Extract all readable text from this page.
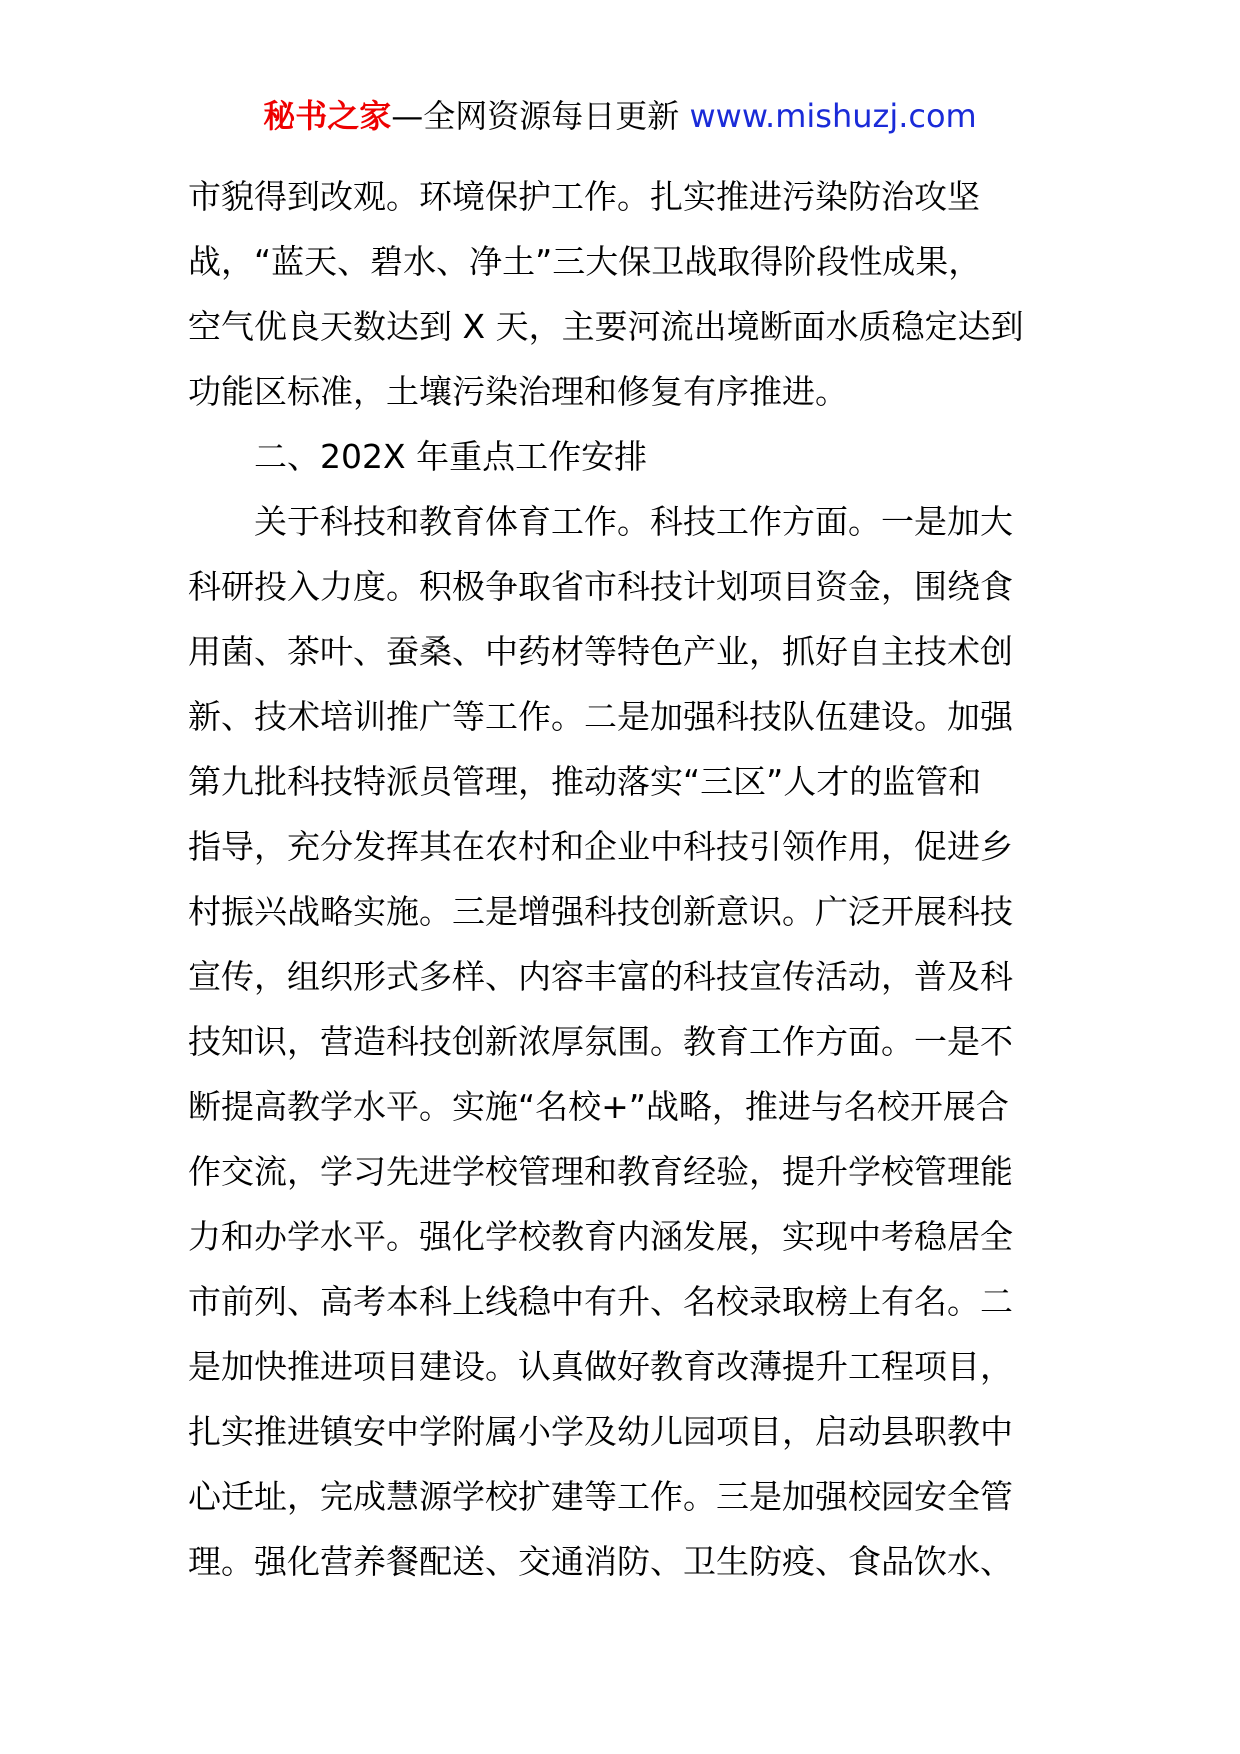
秘书之家—全网资源每日更新 www.mishuzj.com
市貌得到改观。环境保护工作。扎实推进污染防治攻坚
战，“蓝天、碧水、净土”三大保卫战取得阶段性成果，
空气优良天数达到 X 天，主要河流出境断面水质稳定达到
功能区标准，土壤污染治理和修复有序推进。
二、202X 年重点工作安排
关于科技和教育体育工作。科技工作方面。一是加大
科研投入力度。积极争取省市科技计划项目资金，围绕食
用菌、茶叶、蚕桑、中药材等特色产业，抓好自主技术创
新、技术培训推广等工作。二是加强科技队伍建设。加强
第九批科技特派员管理，推动落实“三区”人才的监管和
指导，充分发挥其在农村和企业中科技引领作用，促进乡
村振兴战略实施。三是增强科技创新意识。广泛开展科技
宣传，组织形式多样、内容丰富的科技宣传活动，普及科
技知识，营造科技创新浓厚氛围。教育工作方面。一是不
断提高教学水平。实施“名校+”战略，推进与名校开展合
作交流，学习先进学校管理和教育经验，提升学校管理能
力和办学水平。强化学校教育内涵发展，实现中考稳居全
市前列、高考本科上线稳中有升、名校录取榜上有名。二
是加快推进项目建设。认真做好教育改薄提升工程项目，
扎实推进镇安中学附属小学及幼儿园项目，启动县职教中
心迁址，完成慧源学校扩建等工作。三是加强校园安全管
理。强化营养餐配送、交通消防、卫生防疫、食品饮水、
